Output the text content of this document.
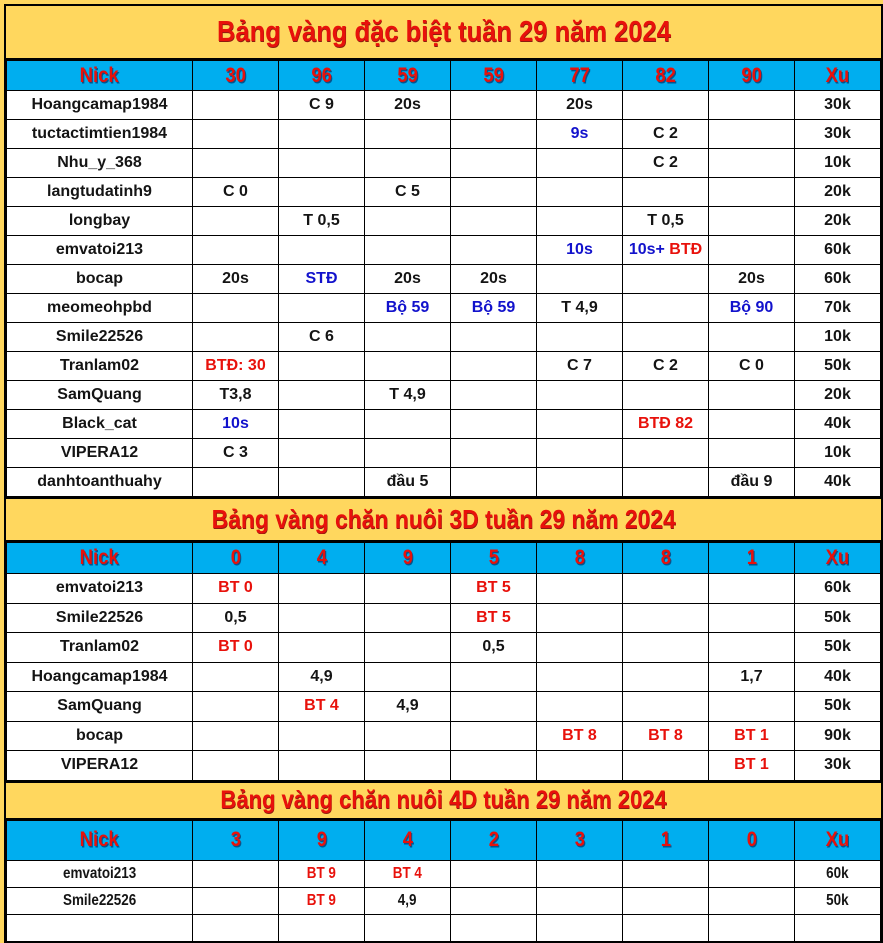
Bảng vàng đặc biệt tuần 29 năm 2024
Nick	30	96	59	59	77	82	90	Xu
Hoangcamap1984		C 9	20s		20s			30k
tuctactimtien1984					9s	C 2		30k
Nhu_y_368						C 2		10k
langtudatinh9	C 0		C 5					20k
longbay		T 0,5				T 0,5		20k
emvatoi213					10s	10s+ BTĐ		60k
bocap	20s	STĐ	20s	20s			20s	60k
meomeohpbd			Bộ 59	Bộ 59	T 4,9		Bộ 90	70k
Smile22526		C 6						10k
Tranlam02	BTĐ: 30				C 7	C 2	C 0	50k
SamQuang	T3,8		T 4,9					20k
Black_cat	10s					BTĐ 82		40k
VIPERA12	C 3							10k
danhtoanthuahy			đầu 5				đầu 9	40k
Bảng vàng chăn nuôi 3D tuần 29 năm 2024
Nick	0	4	9	5	8	8	1	Xu
emvatoi213	BT 0			BT 5				60k
Smile22526	0,5			BT 5				50k
Tranlam02	BT 0			0,5				50k
Hoangcamap1984		4,9					1,7	40k
SamQuang		BT 4	4,9					50k
bocap					BT 8	BT 8	BT 1	90k
VIPERA12							BT 1	30k
Bảng vàng chăn nuôi 4D tuần 29 năm 2024
Nick	3	9	4	2	3	1	0	Xu
emvatoi213		BT 9	BT 4					60k
Smile22526		BT 9	4,9					50k
